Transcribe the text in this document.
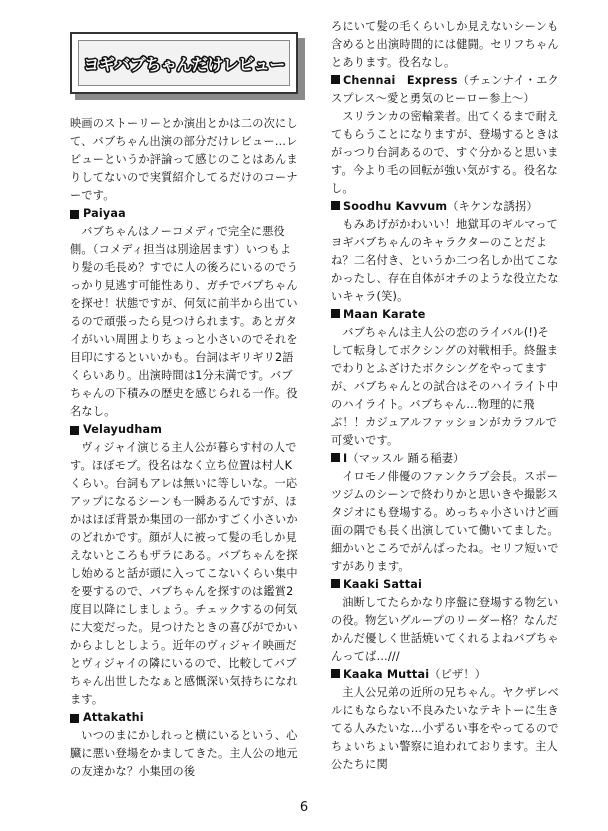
ヨギバブちゃんだけレビュー

映画のストーリーとか演出とかは二の次にして、バブちゃん出演の部分だけレビュー…レビューというか評論って感じのことはあんまりしてないので実質紹介してるだけのコーナーです。

Paiyaa

バブちゃんはノーコメディで完全に悪役側。（コメディ担当は別途居ます）いつもより髪の毛長め？すでに人の後ろにいるのでうっかり見逃す可能性あり、ガチでバブちゃんを探せ！状態ですが、何気に前半から出ているので頑張ったら見つけられます。あとガタイがいい周囲よりちょっと小さいのでそれを目印にするといいかも。台詞はギリギリ2語くらいあり。出演時間は1分未満です。バブちゃんの下積みの歴史を感じられる一作。役名なし。

Velayudham

ヴィジャイ演じる主人公が暮らす村の人です。ほぼモブ。役名はなく立ち位置は村人Kくらい。台詞もアレは無いに等しいな。一応アップになるシーンも一瞬あるんですが、ほかはほぼ背景か集団の一部かすごく小さいかのどれかです。顔が人に被って髪の毛しか見えないところもザラにある。バブちゃんを探し始めると話が頭に入ってこないくらい集中を要するので、バブちゃんを探すのは鑑賞2度目以降にしましょう。チェックするの何気に大変だった。見つけたときの喜びがでかいからよしとしよう。近年のヴィジャイ映画だとヴィジャイの隣にいるので、比較してバブちゃん出世したなぁと感慨深い気持ちになれます。

Attakathi

いつのまにかしれっと横にいるという、心臓に悪い登場をかましてきた。主人公の地元の友達かな？小集団の後

ろにいて髪の毛くらいしか見えないシーンも含めると出演時間的には健闘。セリフちゃんとあります。役名なし。

Chennai　Express（チェンナイ・エクスプレス～愛と勇気のヒーロー参上～）

スリランカの密輸業者。出てくるまで耐えてもらうことになりますが、登場するときはがっつり台詞あるので、すぐ分かると思います。今より毛の回転が強い気がする。役名なし。

Soodhu Kavvum（キケンな誘拐）

もみあげがかわいい！地獄耳のギルマってヨギバブちゃんのキャラクターのことだよね？二名付き、というか二つ名しか出てこなかったし、存在自体がオチのような役立たないキャラ(笑)。

Maan Karate

バブちゃんは主人公の恋のライバル(!)そして転身してボクシングの対戦相手。終盤までわりとふざけたボクシングをやってますが、バブちゃんとの試合はそのハイライト中のハイライト。バブちゃん…物理的に飛ぶ！！カジュアルファッションがカラフルで可愛いです。

I（マッスル 踊る稲妻）

イロモノ俳優のファンクラブ会長。スポーツジムのシーンで終わりかと思いきや撮影スタジオにも登場する。めっちゃ小さいけど画面の隅でも長く出演していて働いてました。細かいところでがんばったね。セリフ短いですがあります。

Kaaki Sattai

油断してたらかなり序盤に登場する物乞いの役。物乞いグループのリーダー格？なんだかんだ優しく世話焼いてくれるよねバブちゃんってば…///

Kaaka Muttai（ピザ！）

主人公兄弟の近所の兄ちゃん。ヤクザレベルにもならない不良みたいなテキトーに生きてる人みたいな…小ずるい事をやってるのでちょいちょい警察に追われております。主人公たちに関

6
